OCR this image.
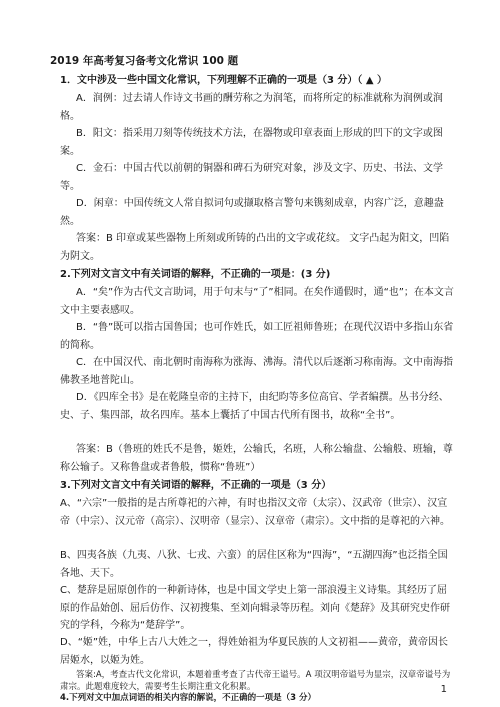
2019 年高考复习备考文化常识 100 题
1．文中涉及一些中国文化常识，下列理解不正确的一项是（3 分）（ ▲ ）
A．润例：过去请人作诗文书画的酬劳称之为润笔，而将所定的标准就称为润例或润格。
B．阳文：指采用刀刻等传统技术方法，在器物或印章表面上形成的凹下的文字或图案。
C．金石：中国古代以前朝的铜器和碑石为研究对象，涉及文字、历史、书法、文学等。
D．闲章：中国传统文人常自拟词句或撷取格言警句来镌刻成章，内容广泛，意趣盎然。
答案：B 印章或某些器物上所刻或所铸的凸出的文字或花纹。 文字凸起为阳文，凹陷为阴文。
2.下列对文言文中有关词语的解释，不正确的一项是：(3 分)
A．“矣”作为古代文言助词，用于句末与“了”相同。在矣作通假时，通“也”；在本文言文中主要表感叹。
B．“鲁”既可以指古国鲁国；也可作姓氏，如工匠祖师鲁班；在现代汉语中多指山东省的简称。
C．在中国汉代、南北朝时南海称为涨海、沸海。清代以后逐渐习称南海。文中南海指佛教圣地普陀山。
D．《四库全书》是在乾隆皇帝的主持下，由纪昀等多位高官、学者编撰。丛书分经、史、子、集四部，故名四库。基本上囊括了中国古代所有图书，故称“全书”。
答案：B（鲁班的姓氏不是鲁，姬姓，公输氏，名班，人称公输盘、公输般、班输，尊称公输子。又称鲁盘或者鲁般，惯称“鲁班”）
3.下列对文言文中有关词语的解释，不正确的一项是（3 分）
A、“六宗”一般指的是古所尊祀的六神，有时也指汉文帝（太宗）、汉武帝（世宗）、汉宣帝（中宗）、汉元帝（高宗）、汉明帝（显宗）、汉章帝（肃宗）。文中指的是尊祀的六神。
B、四夷各族（九夷、八狄、七戎、六蛮）的居住区称为“四海”，“五湖四海”也泛指全国各地、天下。
C、楚辞是屈原创作的一种新诗体，也是中国文学史上第一部浪漫主义诗集。其经历了屈原的作品始创、屈后仿作、汉初搜集、至刘向辑录等历程。刘向《楚辞》及其研究史作研究的学科，今称为“楚辞学”。
D、“姬”姓，中华上古八大姓之一，得姓始祖为华夏民族的人文初祖——黄帝，黄帝因长居姬水，以姬为姓。
答案:A，考查古代文化常识，本题着重考查了古代帝王谥号。A 项汉明帝谥号为显宗，汉章帝谥号为肃宗。此题难度较大，需要考生长期注重文化积累。
4.下列对文中加点词语的相关内容的解说，不正确的一项是（3 分）
1
